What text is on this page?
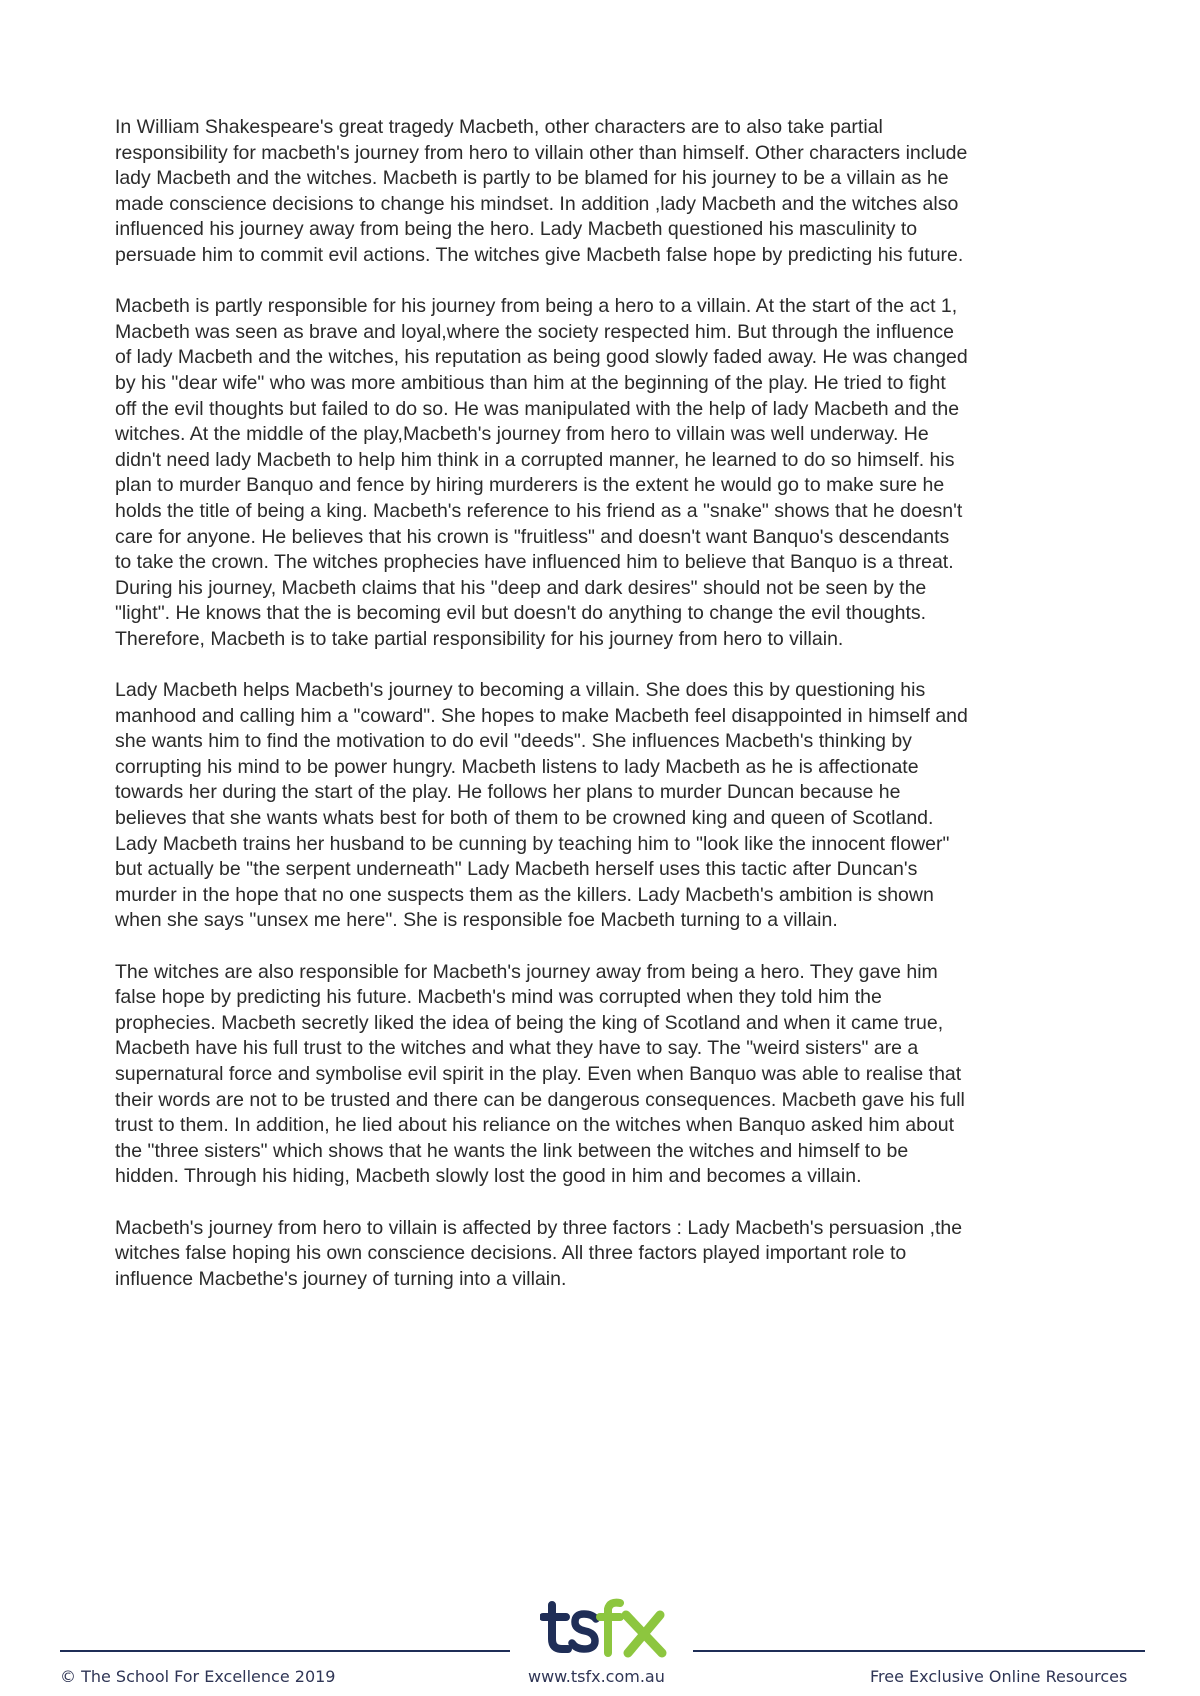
In William Shakespeare's great tragedy Macbeth, other characters are to also take partial
responsibility for macbeth's journey from hero to villain other than himself. Other characters include
lady Macbeth and the witches. Macbeth is partly to be blamed for his journey to be a villain as he
made conscience decisions to change his mindset. In addition ,lady Macbeth and the witches also
influenced his journey away from being the hero. Lady Macbeth questioned his masculinity to
persuade him to commit evil actions. The witches give Macbeth false hope by predicting his future.

Macbeth is partly responsible for his journey from being a hero to a villain. At the start of the act 1,
Macbeth was seen as brave and loyal,where the society respected him. But through the influence
of lady Macbeth and the witches, his reputation as being good slowly faded away. He was changed
by his "dear wife" who was more ambitious than him at the beginning of the play. He tried to fight
off the evil thoughts but failed to do so. He was manipulated with the help of lady Macbeth and the
witches. At the middle of the play,Macbeth's journey from hero to villain was well underway. He
didn't need lady Macbeth to help him think in a corrupted manner, he learned to do so himself. his
plan to murder Banquo and fence by hiring murderers is the extent he would go to make sure he
holds the title of being a king. Macbeth's reference to his friend as a "snake" shows that he doesn't
care for anyone. He believes that his crown is "fruitless" and doesn't want Banquo's descendants
to take the crown. The witches prophecies have influenced him to believe that Banquo is a threat.
During his journey, Macbeth claims that his "deep and dark desires" should not be seen by the
"light". He knows that the is becoming evil but doesn't do anything to change the evil thoughts.
Therefore, Macbeth is to take partial responsibility for his journey from hero to villain.

Lady Macbeth helps Macbeth's journey to becoming a villain. She does this by questioning his
manhood and calling him a "coward". She hopes to make Macbeth feel disappointed in himself and
she wants him to find the motivation to do evil "deeds". She influences Macbeth's thinking by
corrupting his mind to be power hungry. Macbeth listens to lady Macbeth as he is affectionate
towards her during the start of the play. He follows her plans to murder Duncan because he
believes that she wants whats best for both of them to be crowned king and queen of Scotland.
Lady Macbeth trains her husband to be cunning by teaching him to "look like the innocent flower"
but actually be "the serpent underneath" Lady Macbeth herself uses this tactic after Duncan's
murder in the hope that no one suspects them as the killers. Lady Macbeth's ambition is shown
when she says "unsex me here". She is responsible foe Macbeth turning to a villain.

The witches are also responsible for Macbeth's journey away from being a hero. They gave him
false hope by predicting his future. Macbeth's mind was corrupted when they told him the
prophecies. Macbeth secretly liked the idea of being the king of Scotland and when it came true,
Macbeth have his full trust to the witches and what they have to say. The "weird sisters" are a
supernatural force and symbolise evil spirit in the play. Even when Banquo was able to realise that
their words are not to be trusted and there can be dangerous consequences. Macbeth gave his full
trust to them. In addition, he lied about his reliance on the witches when Banquo asked him about
the "three sisters" which shows that he wants the link between the witches and himself to be
hidden. Through his hiding, Macbeth slowly lost the good in him and becomes a villain.

Macbeth's journey from hero to villain is affected by three factors : Lady Macbeth's persuasion ,the
witches false hoping his own conscience decisions. All three factors played important role to
influence Macbethe's journey of turning into a villain.

© The School For Excellence 2019	www.tsfx.com.au	Free Exclusive Online Resources
